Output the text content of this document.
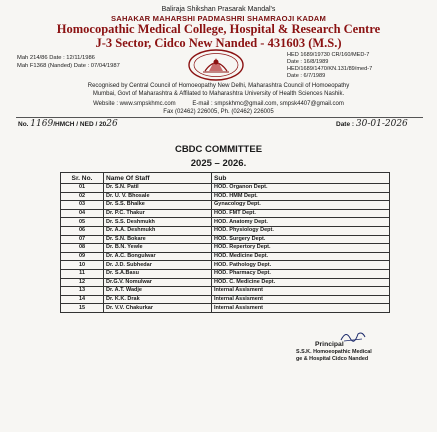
Baliraja Shikshan Prasarak Mandal's
SAHAKAR MAHARSHI PADMASHRI SHAMRAOJI KADAM
Homocopathic Medical College, Hospital & Research Centre
J-3 Sector, Cidco New Nanded - 431603 (M.S.)
Mah 214/86 Date : 12/11/1986
Mah F1368 (Nanded) Date : 07/04/1987
HED 1689/19730 CR/160/MED-7
Date : 16/8/1989
HED/1689/1470/KN.131/89/med-7
Date : 6/7/1989
Recognised by Central Council of Homoeopathy New Delhi, Maharashtra Council of Homoeopathy
Mumbai, Govt of Maharashtra & Affilated to Maharashtra University of Health Sciences Nashik.
Website : www.smpskhmc.com          E-mail : smpskhmc@gmail.com, smpsk4407@gmail.com
Fax (02462) 226005, Ph. (02462) 226005
No. 1169/HMCH / NED / 2026	Date : 30-01-2026
CBDC COMMITTEE
2025 – 2026.
Sr. No.	Name Of Staff	Sub
01	Dr. S.N. Patil	HOD. Organon Dept.
02	Dr. U. V. Bhosale	HOD. HMM Dept.
03	Dr. S.S. Bhalke	Gynacology Dept.
04	Dr. P.C. Thakur	HOD. FMT Dept.
05	Dr. S.S. Deshmukh	HOD. Anatomy Dept.
06	Dr. A.A. Deshmukh	HOD. Physiology Dept.
07	Dr. S.N. Bokare	HOD. Surgery Dept.
08	Dr. B.N. Yewle	HOD. Repertory Dept.
09	Dr. A.C. Bongulwar	HOD. Medicine Dept.
10	Dr. J.D. Subhedar	HOD. Pathology Dept.
11	Dr. S.A.Basu	HOD. Pharmacy Dept.
12	Dr.G.V. Nomulwar	HOD. C. Medicine Dept.
13	Dr. A.T. Wadje	Internal Assisment
14	Dr. K.K. Drak	Internal Assisment
15	Dr. V.V. Chakurkar	Internal Assisment
Principal
S.S.K. Homoeopathic Medical
ge & Hospital Cidco Nanded
